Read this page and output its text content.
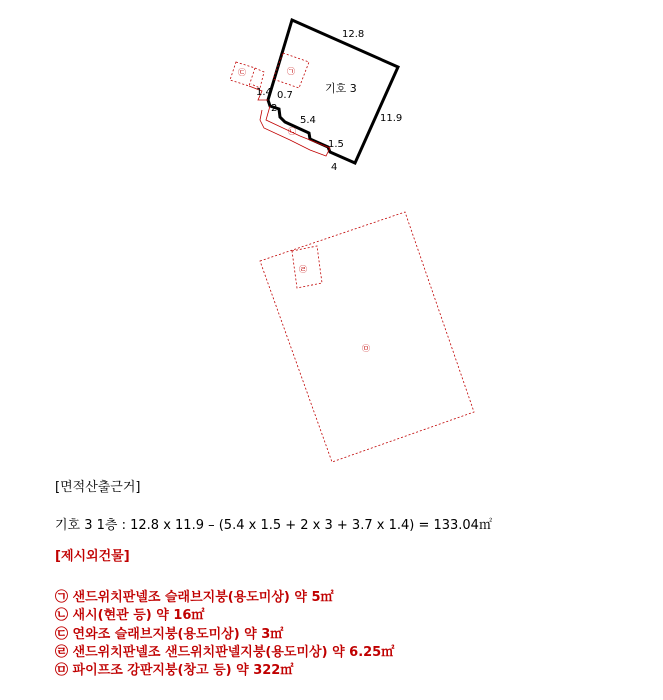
12.8
11.9
4
1.4 0.7
2
5.4
1.5
기호 3
㉠
㉡
㉢
㉣
㉤
[면적산출근거]
기호 3 1층 : 12.8 x 11.9 – (5.4 x 1.5 + 2 x 3 + 3.7 x 1.4) = 133.04㎡
[제시외건물]
㉠ 샌드위치판넬조 슬래브지붕(용도미상) 약 5㎡
㉡ 새시(현관 등) 약 16㎡
㉢ 연와조 슬래브지붕(용도미상) 약 3㎡
㉣ 샌드위치판넬조 샌드위치판넬지붕(용도미상) 약 6.25㎡
㉤ 파이프조 강판지붕(창고 등) 약 322㎡
